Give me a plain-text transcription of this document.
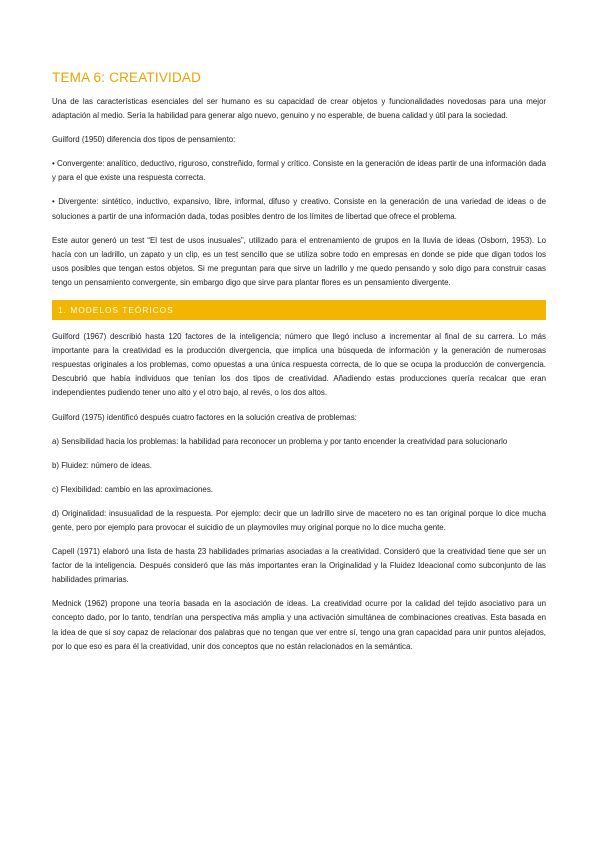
TEMA 6: CREATIVIDAD

Una de las características esenciales del ser humano es su capacidad de crear objetos y funcionalidades novedosas para una mejor adaptación al medio. Sería la habilidad para generar algo nuevo, genuino y no esperable, de buena calidad y útil para la sociedad.

Guilford (1950) diferencia dos tipos de pensamiento:

• Convergente: analítico, deductivo, riguroso, constreñido, formal y crítico. Consiste en la generación de ideas partir de una información dada y para el que existe una respuesta correcta.

• Divergente: sintético, inductivo, expansivo, libre, informal, difuso y creativo. Consiste en la generación de una variedad de ideas o de soluciones a partir de una información dada, todas posibles dentro de los límites de libertad que ofrece el problema.

Este autor generó un test “El test de usos inusuales”, utilizado para el entrenamiento de grupos en la lluvia de ideas (Osborn, 1953). Lo hacía con un ladrillo, un zapato y un clip, es un test sencillo que se utiliza sobre todo en empresas en donde se pide que digan todos los usos posibles que tengan estos objetos. Si me preguntan para que sirve un ladrillo y me quedo pensando y solo digo para construir casas tengo un pensamiento convergente, sin embargo digo que sirve para plantar flores es un pensamiento divergente.

1. MODELOS TEÓRICOS

Guilford (1967) describió hasta 120 factores de la inteligencia; número que llegó incluso a incrementar al final de su carrera. Lo más importante para la creatividad es la producción divergencia, que implica una búsqueda de información y la generación de numerosas respuestas originales a los problemas, como opuestas a una única respuesta correcta, de lo que se ocupa la producción de convergencia. Descubrió que había individuos que tenían los dos tipos de creatividad. Añadiendo estas producciones quería recalcar que eran independientes pudiendo tener uno alto y el otro bajo, al revés, o los dos altos.

Guilford (1975) identificó después cuatro factores en la solución creativa de problemas:

a) Sensibilidad hacia los problemas: la habilidad para reconocer un problema y por tanto encender la creatividad para solucionarlo

b) Fluidez: número de ideas.

c) Flexibilidad: cambio en las aproximaciones.

d) Originalidad: insusualidad de la respuesta. Por ejemplo: decir que un ladrillo sirve de macetero no es tan original porque lo dice mucha gente, pero por ejemplo para provocar el suicidio de un playmoviles muy original porque no lo dice mucha gente.

Capell (1971) elaboró una lista de hasta 23 habilidades primarias asociadas a la creatividad. Consideró que la creatividad tiene que ser un factor de la inteligencia. Después consideró que las más importantes eran la Originalidad y la Fluidez Ideacional como subconjunto de las habilidades primarias.

Mednick (1962) propone una teoría basada en la asociación de ideas. La creatividad ocurre por la calidad del tejido asociativo para un concepto dado, por lo tanto, tendrían una perspectiva más amplia y una activación simultánea de combinaciones creativas. Esta basada en la idea de que si soy capaz de relacionar dos palabras que no tengan que ver entre sí, tengo una gran capacidad para unir puntos alejados, por lo que eso es para él la creatividad, unir dos conceptos que no están relacionados en la semántica.
